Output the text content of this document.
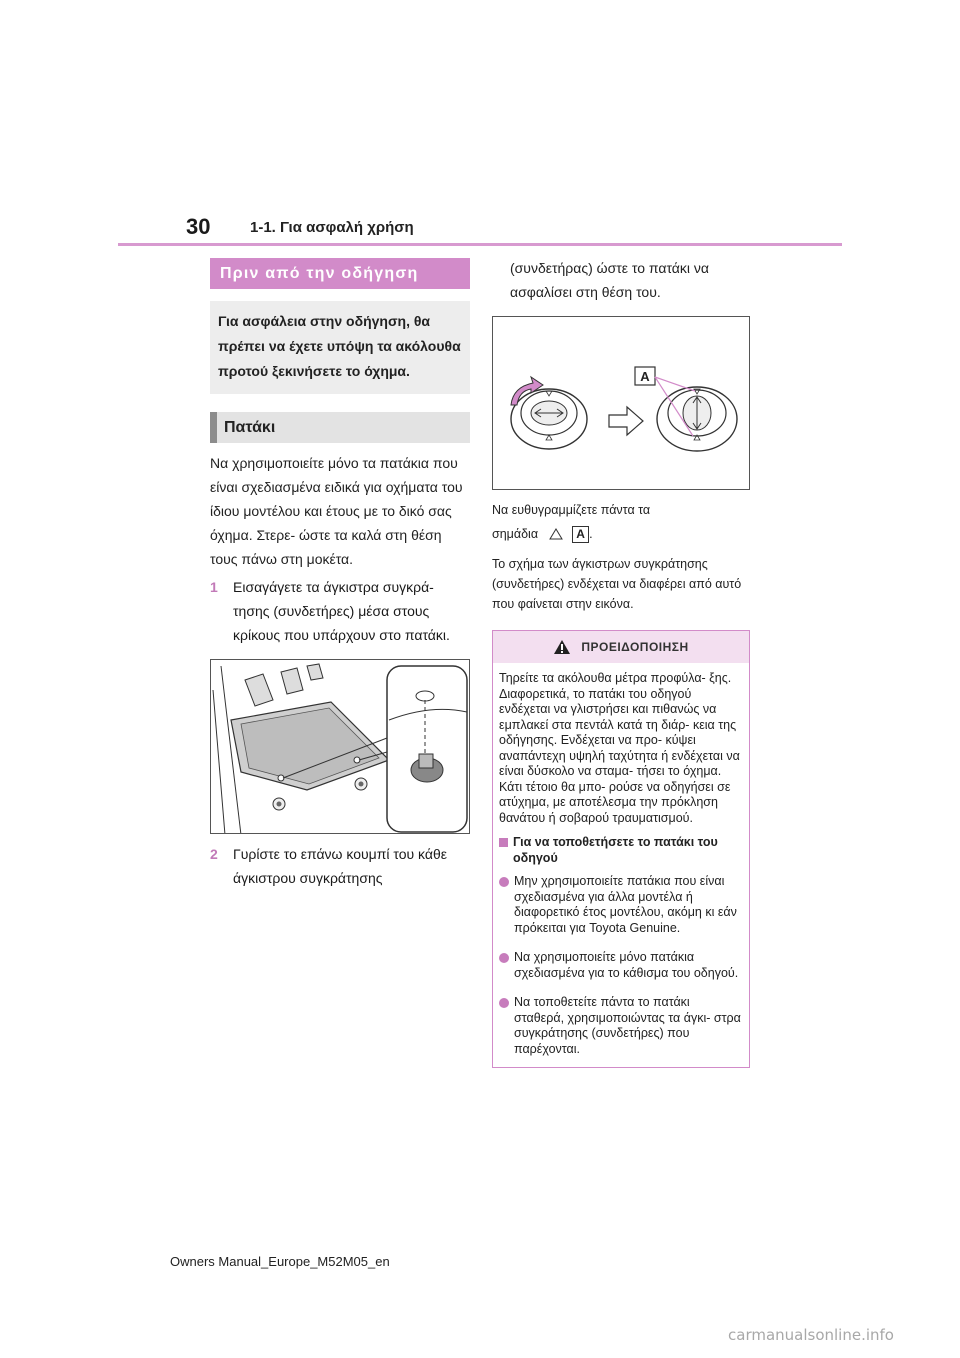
30	1-1. Για ασφαλή χρήση
Πριν από την οδήγηση
Για ασφάλεια στην οδήγηση, θα πρέπει να έχετε υπόψη τα ακόλουθα προτού ξεκινήσετε το όχημα.
Πατάκι

Να χρησιμοποιείτε μόνο τα πατάκια που είναι σχεδιασμένα ειδικά για οχήματα του ίδιου μοντέλου και έτους με το δικό σας όχημα. Στερε- ώστε τα καλά στη θέση τους πάνω στη μοκέτα.

1	Εισαγάγετε τα άγκιστρα συγκρά- τησης (συνδετήρες) μέσα στους κρίκους που υπάρχουν στο πατάκι.
2	Γυρίστε το επάνω κουμπί του κάθε άγκιστρου συγκράτησης

(συνδετήρας) ώστε το πατάκι να ασφαλίσει στη θέση του.

A

Να ευθυγραμμίζετε πάντα τα

σημάδια	A .

Το σχήμα των άγκιστρων συγκράτησης (συνδετήρες) ενδέχεται να διαφέρει από αυτό που φαίνεται στην εικόνα.

ΠΡΟΕΙΔΟΠΟΙΗΣΗ

Τηρείτε τα ακόλουθα μέτρα προφύλα- ξης. Διαφορετικά, το πατάκι του οδηγού ενδέχεται να γλιστρήσει και πιθανώς να εμπλακεί στα πεντάλ κατά τη διάρ- κεια της οδήγησης. Ενδέχεται να προ- κύψει αναπάντεχη υψηλή ταχύτητα ή ενδέχεται να είναι δύσκολο να σταμα- τήσει το όχημα. Κάτι τέτοιο θα μπο- ρούσε να οδηγήσει σε ατύχημα, με αποτέλεσμα την πρόκληση θανάτου ή σοβαρού τραυματισμού.

Για να τοποθετήσετε το πατάκι του οδηγού
Μην χρησιμοποιείτε πατάκια που είναι σχεδιασμένα για άλλα μοντέλα ή διαφορετικό έτος μοντέλου, ακόμη κι εάν πρόκειται για Toyota Genuine.
Να χρησιμοποιείτε μόνο πατάκια σχεδιασμένα για το κάθισμα του οδηγού.
Να τοποθετείτε πάντα το πατάκι σταθερά, χρησιμοποιώντας τα άγκι- στρα συγκράτησης (συνδετήρες) που παρέχονται.
Owners Manual_Europe_M52M05_en
carmanualsonline.info
